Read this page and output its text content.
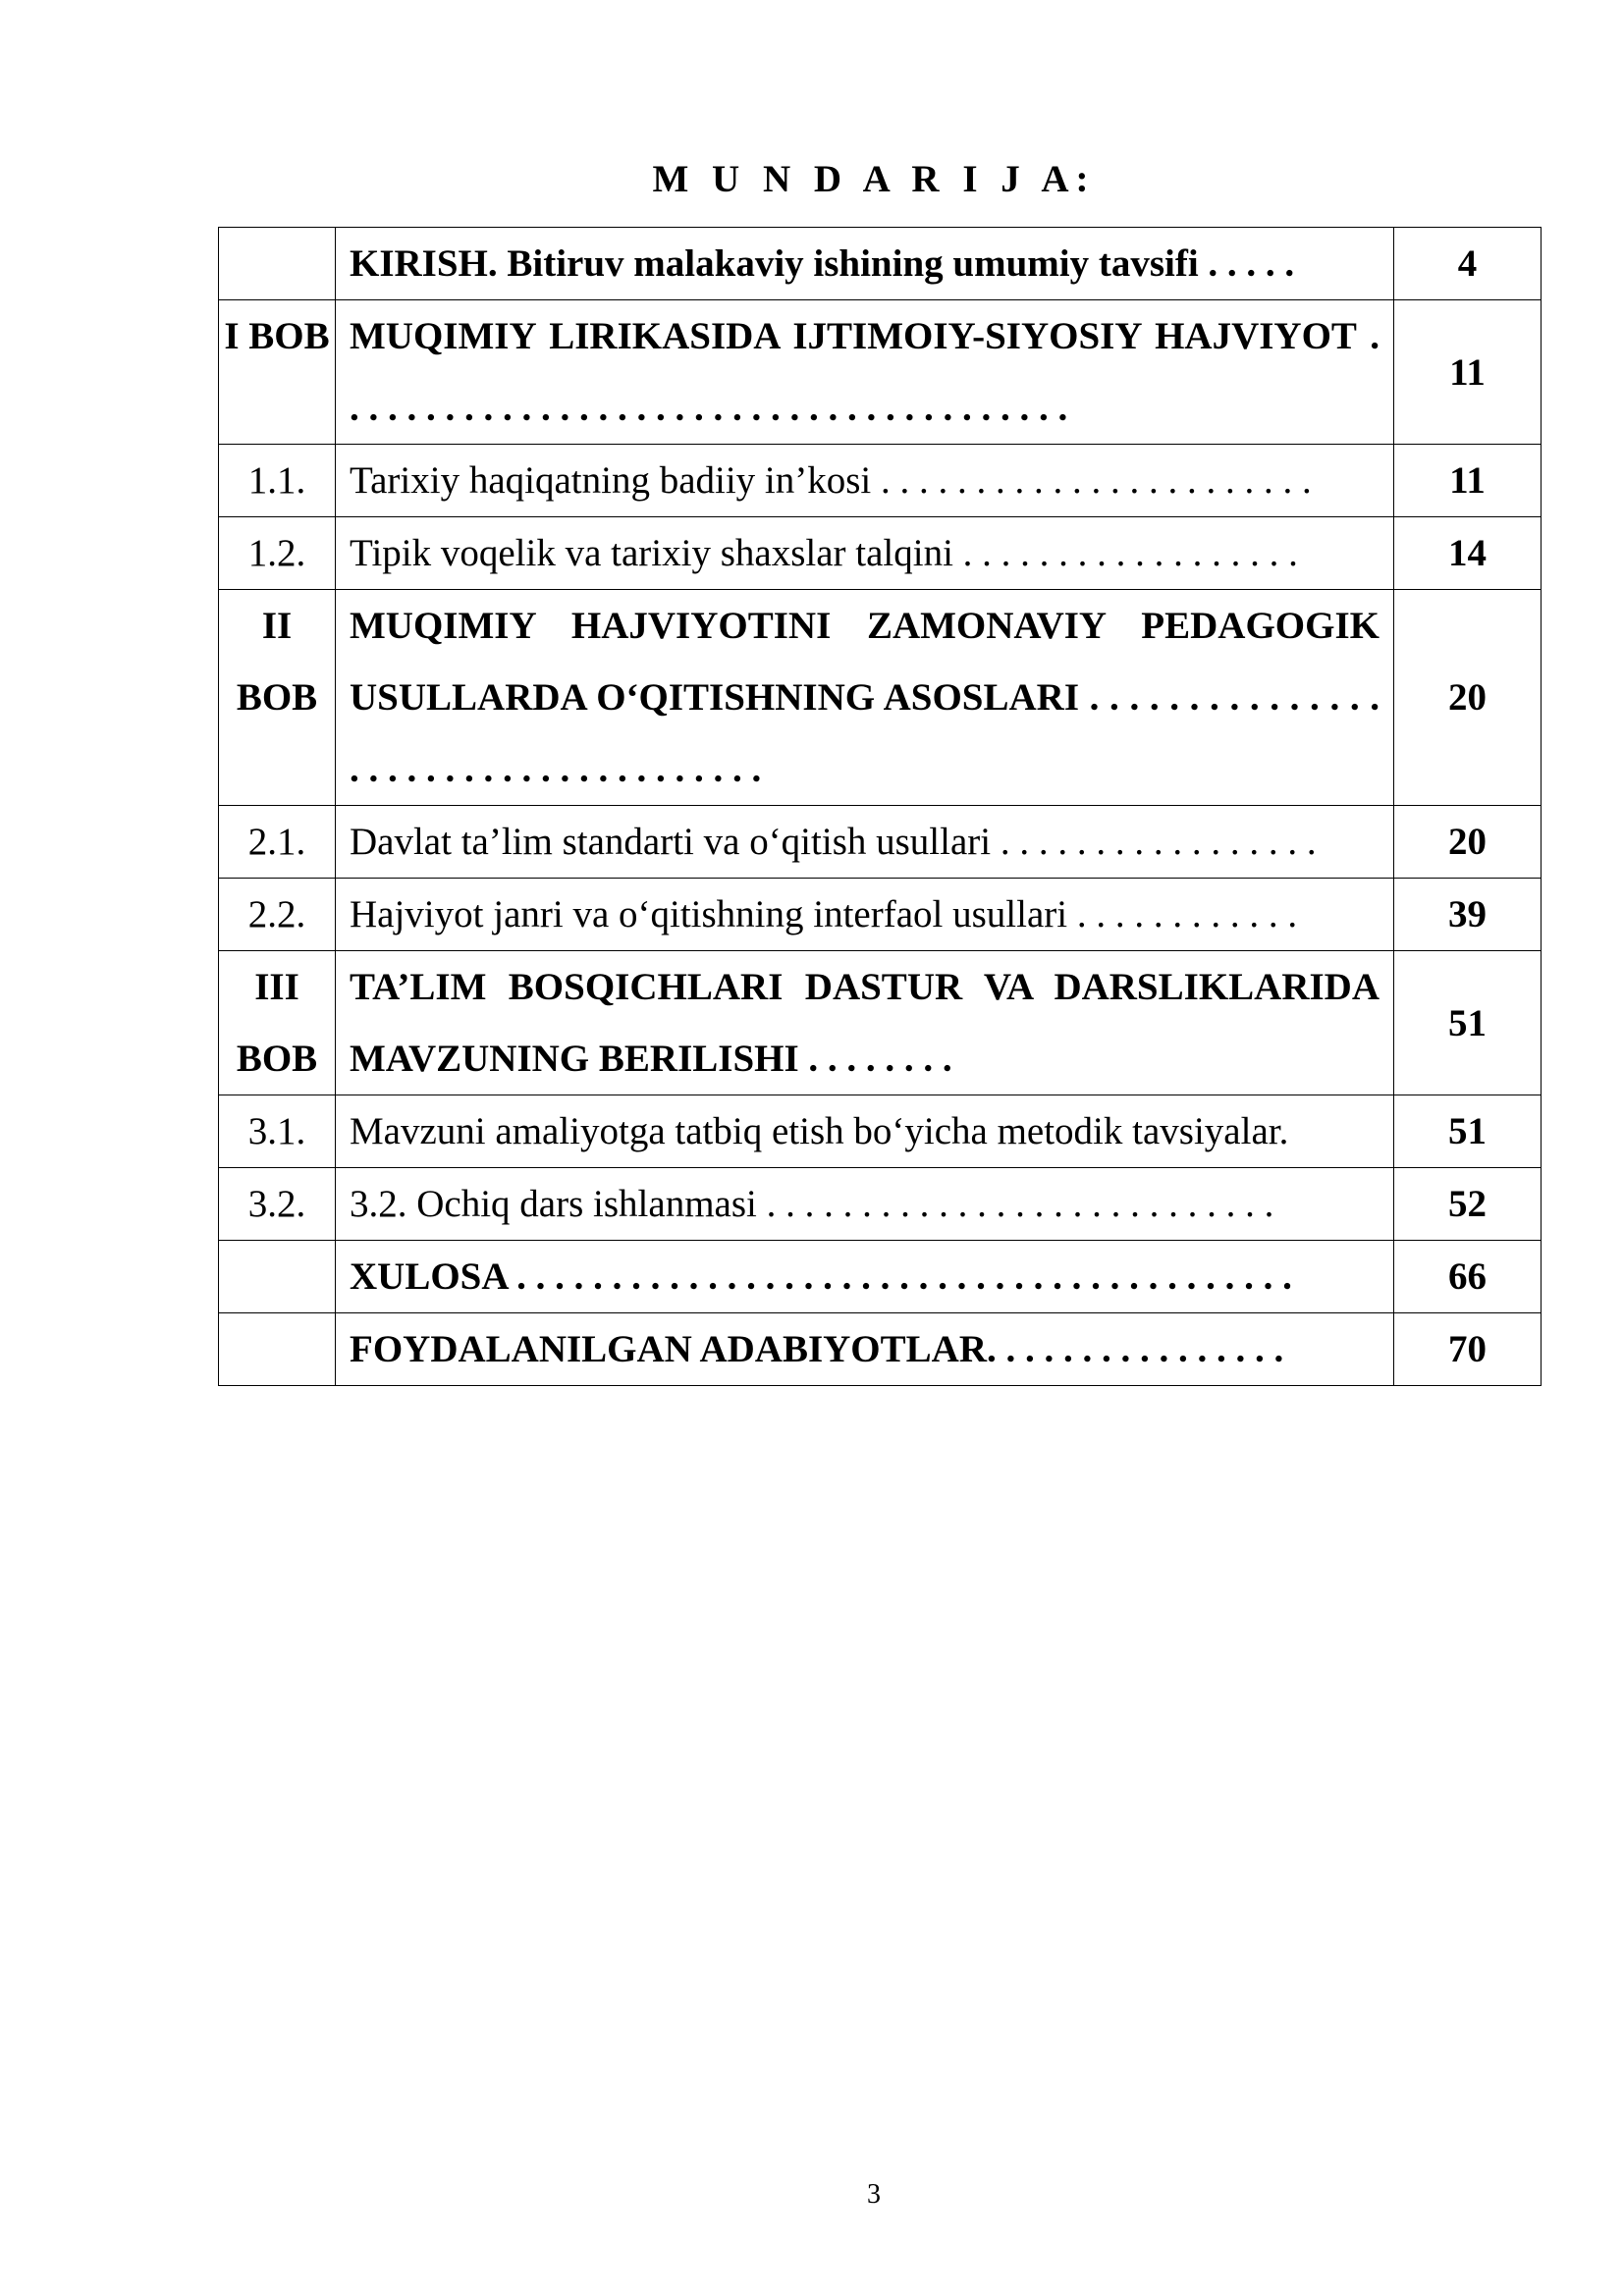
M U N D A R I J A:
	KIRISH. Bitiruv malakaviy ishining umumiy tavsifi . . . . .	4
I BOB	MUQIMIY LIRIKASIDA IJTIMOIY-SIYOSIY HAJVIYOT . . . . . . . . . . . . . . . . . . . . . . . . . . . . . . . . . . . . . . .	11
1.1.	Tarixiy haqiqatning badiiy in’kosi . . . . . . . . . . . . . . . . . . . . . . .	11
1.2.	Tipik voqelik va tarixiy shaxslar talqini . . . . . . . . . . . . . . . . . .	14
II BOB	MUQIMIY HAJVIYOTINI ZAMONAVIY PEDAGOGIK USULLARDA O‘QITISHNING ASOSLARI . . . . . . . . . . . . . . . . . . . . . . . . . . . . . . . . . . . . .	20
2.1.	Davlat ta’lim standarti va o‘qitish usullari . . . . . . . . . . . . . . . . .	20
2.2.	Hajviyot janri va o‘qitishning interfaol usullari . . . . . . . . . . . .	39
III BOB	TA’LIM BOSQICHLARI DASTUR VA DARSLIKLARIDA MAVZUNING BERILISHI . . . . . . . .	51
3.1.	Mavzuni amaliyotga tatbiq etish bo‘yicha metodik tavsiyalar.	51
3.2.	3.2. Ochiq dars ishlanmasi . . . . . . . . . . . . . . . . . . . . . . . . . . .	52
	XULOSA . . . . . . . . . . . . . . . . . . . . . . . . . . . . . . . . . . . . . . . . .	66
	FOYDALANILGAN ADABIYOTLAR. . . . . . . . . . . . . . . .	70
3
